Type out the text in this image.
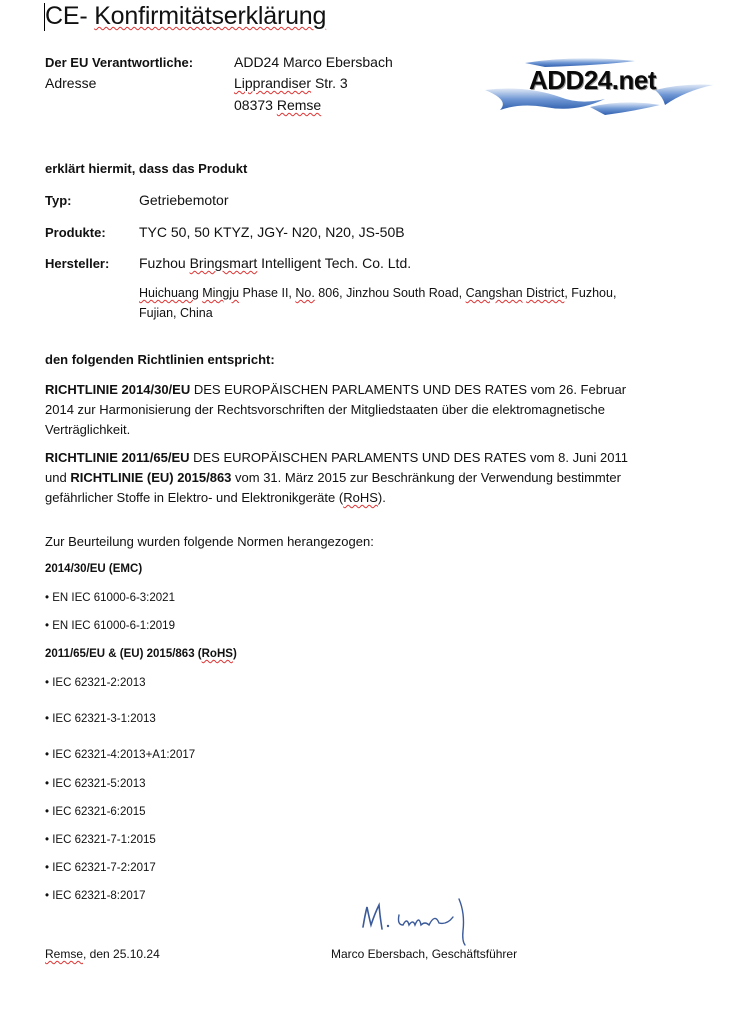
CE- Konfirmitätserklärung
Der EU Verantwortliche:	ADD24 Marco Ebersbach
Adresse	Lipprandiser Str. 3
08373 Remse
ADD24.net
erklärt hiermit, dass das Produkt
Typ:	Getriebemotor
Produkte: TYC 50, 50 KTYZ, JGY- N20, N20, JS-50B
Hersteller: Fuzhou Bringsmart Intelligent Tech. Co. Ltd.
Huichuang Mingju Phase II, No. 806, Jinzhou South Road, Cangshan District, Fuzhou,
Fujian, China
den folgenden Richtlinien entspricht:
RICHTLINIE 2014/30/EU DES EUROPÄISCHEN PARLAMENTS UND DES RATES vom 26. Februar 2014 zur Harmonisierung der Rechtsvorschriften der Mitgliedstaaten über die elektromagnetische Verträglichkeit.
RICHTLINIE 2011/65/EU DES EUROPÄISCHEN PARLAMENTS UND DES RATES vom 8. Juni 2011 und RICHTLINIE (EU) 2015/863 vom 31. März 2015 zur Beschränkung der Verwendung bestimmter gefährlicher Stoffe in Elektro- und Elektronikgeräte (RoHS).
Zur Beurteilung wurden folgende Normen herangezogen:
2014/30/EU (EMC)
• EN IEC 61000-6-3:2021
• EN IEC 61000-6-1:2019
2011/65/EU & (EU) 2015/863 (RoHS)
• IEC 62321-2:2013
• IEC 62321-3-1:2013
• IEC 62321-4:2013+A1:2017
• IEC 62321-5:2013
• IEC 62321-6:2015
• IEC 62321-7-1:2015
• IEC 62321-7-2:2017
• IEC 62321-8:2017
Remse, den 25.10.24	Marco Ebersbach, Geschäftsführer
